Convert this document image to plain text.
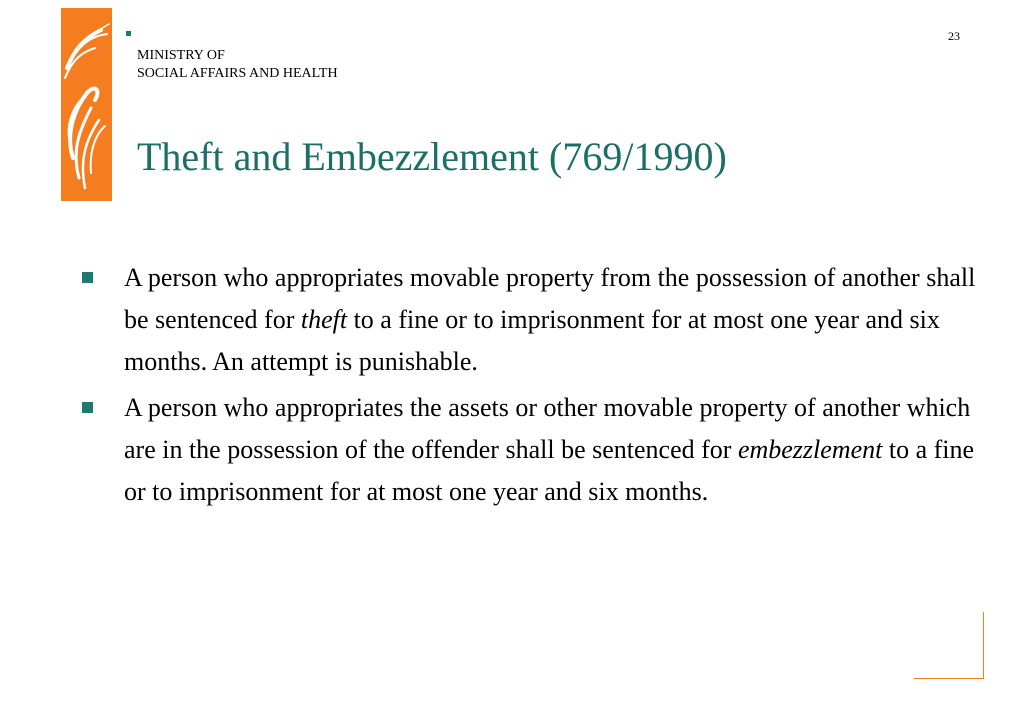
MINISTRY OF
SOCIAL AFFAIRS AND HEALTH
23
Theft and Embezzlement (769/1990)
A person who appropriates movable property from the possession of another shall be sentenced for theft to a fine or to imprisonment for at most one year and six months. An attempt is punishable.
A person who appropriates the assets or other movable property of another which are in the possession of the offender shall be sentenced for embezzlement to a fine or to imprisonment for at most one year and six months.
